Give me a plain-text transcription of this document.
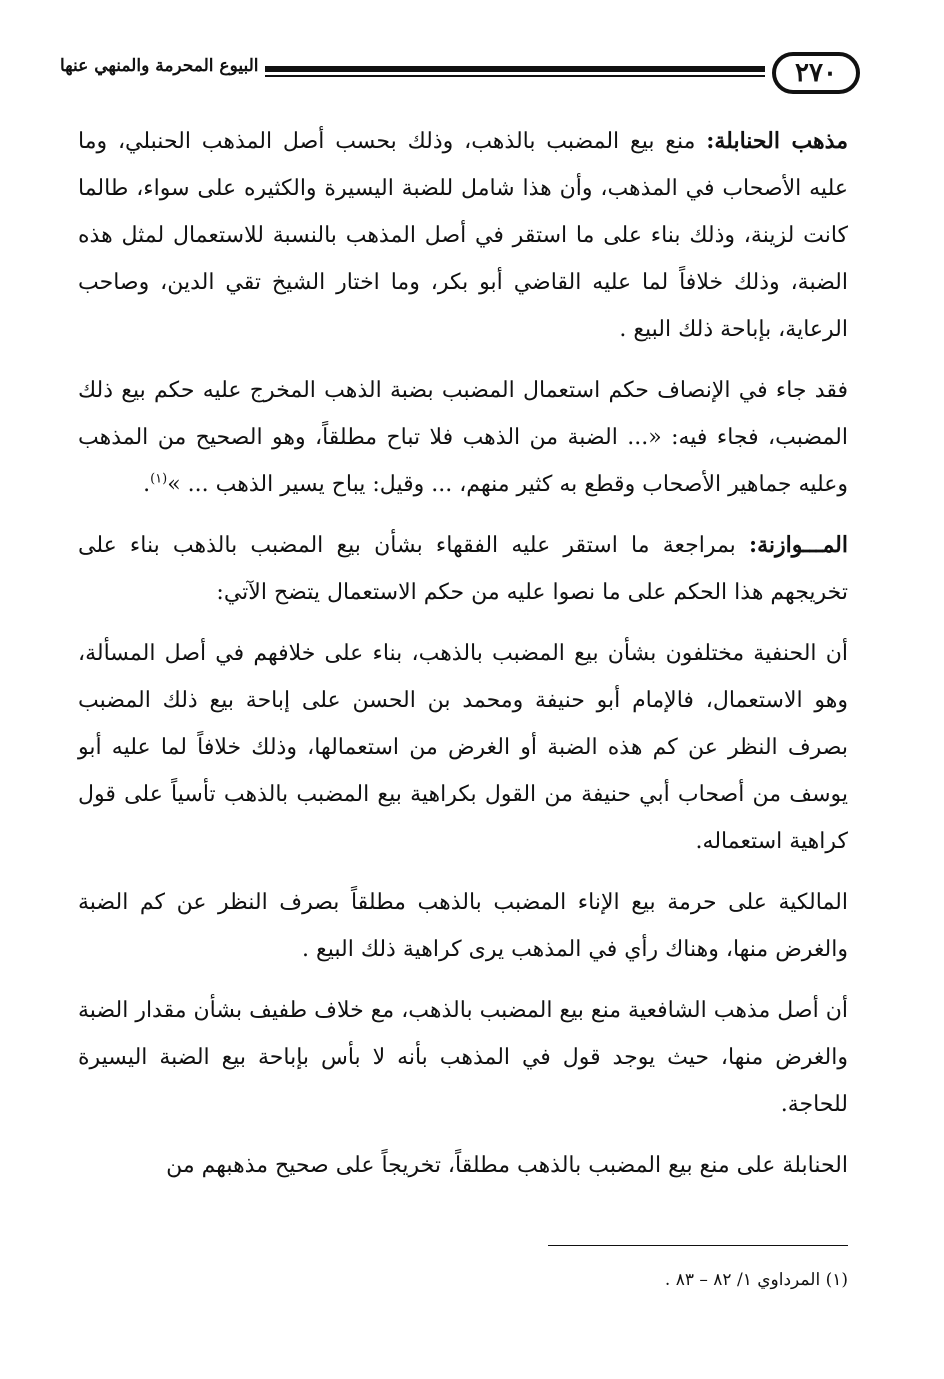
البيوع المحرمة والمنهي عنها	٢٧٠

مذهب الحنابلة: منع بيع المضبب بالذهب، وذلك بحسب أصل المذهب الحنبلي، وما عليه الأصحاب في المذهب، وأن هذا شامل للضبة اليسيرة والكثيره على سواء، طالما كانت لزينة، وذلك بناء على ما استقر في أصل المذهب بالنسبة للاستعمال لمثل هذه الضبة، وذلك خلافاً لما عليه القاضي أبو بكر، وما اختار الشيخ تقي الدين، وصاحب الرعاية، بإباحة ذلك البيع .

فقد جاء في الإنصاف حكم استعمال المضبب بضبة الذهب المخرج عليه حكم بيع ذلك المضبب، فجاء فيه: «... الضبة من الذهب فلا تباح مطلقاً، وهو الصحيح من المذهب وعليه جماهير الأصحاب وقطع به كثير منهم، ... وقيل: يباح يسير الذهب ... »$^{(١)}$.

المـــوازنة: بمراجعة ما استقر عليه الفقهاء بشأن بيع المضبب بالذهب بناء على تخريجهم هذا الحكم على ما نصوا عليه من حكم الاستعمال يتضح الآتي:

أن الحنفية مختلفون بشأن بيع المضبب بالذهب، بناء على خلافهم في أصل المسألة، وهو الاستعمال، فالإمام أبو حنيفة ومحمد بن الحسن على إباحة بيع ذلك المضبب بصرف النظر عن كم هذه الضبة أو الغرض من استعمالها، وذلك خلافاً لما عليه أبو يوسف من أصحاب أبي حنيفة من القول بكراهية بيع المضبب بالذهب تأسياً على قول كراهية استعماله.

المالكية على حرمة بيع الإناء المضبب بالذهب مطلقاً بصرف النظر عن كم الضبة والغرض منها، وهناك رأي في المذهب يرى كراهية ذلك البيع .

أن أصل مذهب الشافعية منع بيع المضبب بالذهب، مع خلاف طفيف بشأن مقدار الضبة والغرض منها، حيث يوجد قول في المذهب بأنه لا بأس بإباحة بيع الضبة اليسيرة للحاجة.

الحنابلة على منع بيع المضبب بالذهب مطلقاً، تخريجاً على صحيح مذهبهم من

(١) المرداوي ١/ ٨٢ – ٨٣ .
